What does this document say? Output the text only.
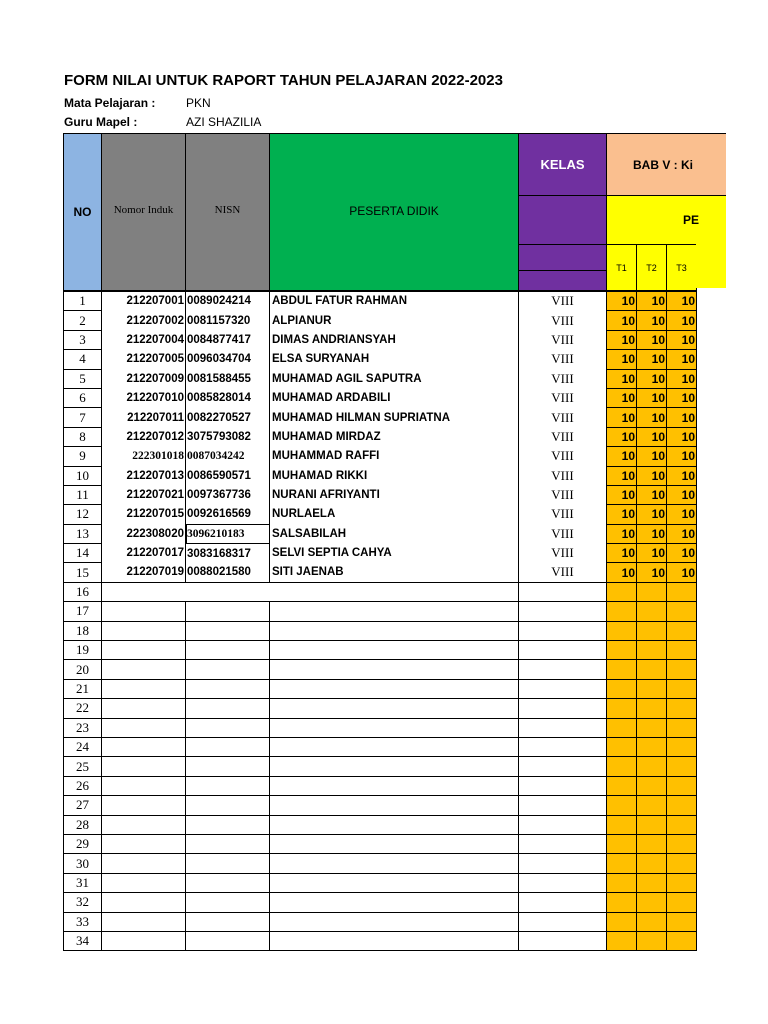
FORM NILAI UNTUK RAPORT TAHUN PELAJARAN 2022-2023
Mata Pelajaran :	PKN
Guru Mapel :	AZI SHAZILIA
NO	Nomor Induk	NISN	PESERTA DIDIK
KELAS	BAB V : Ki
PE
T1	T2	T3
1	212207001	0089024214	ABDUL FATUR RAHMAN	VIII	10	10	10
2	212207002	0081157320	ALPIANUR	VIII	10	10	10
3	212207004	0084877417	DIMAS ANDRIANSYAH	VIII	10	10	10
4	212207005	0096034704	ELSA SURYANAH	VIII	10	10	10
5	212207009	0081588455	MUHAMAD AGIL SAPUTRA	VIII	10	10	10
6	212207010	0085828014	MUHAMAD ARDABILI	VIII	10	10	10
7	212207011	0082270527	MUHAMAD HILMAN SUPRIATNA	VIII	10	10	10
8	212207012	3075793082	MUHAMAD MIRDAZ	VIII	10	10	10
9	222301018	0087034242	MUHAMMAD RAFFI	VIII	10	10	10
10	212207013	0086590571	MUHAMAD RIKKI	VIII	10	10	10
11	212207021	0097367736	NURANI AFRIYANTI	VIII	10	10	10
12	212207015	0092616569	NURLAELA	VIII	10	10	10
13	222308020	3096210183	SALSABILAH	VIII	10	10	10
14	212207017	3083168317	SELVI SEPTIA CAHYA	VIII	10	10	10
15	212207019	0088021580	SITI JAENAB	VIII	10	10	10
16							
17							
18							
19							
20							
21							
22							
23							
24							
25							
26							
27							
28							
29							
30							
31							
32							
33							
34							
